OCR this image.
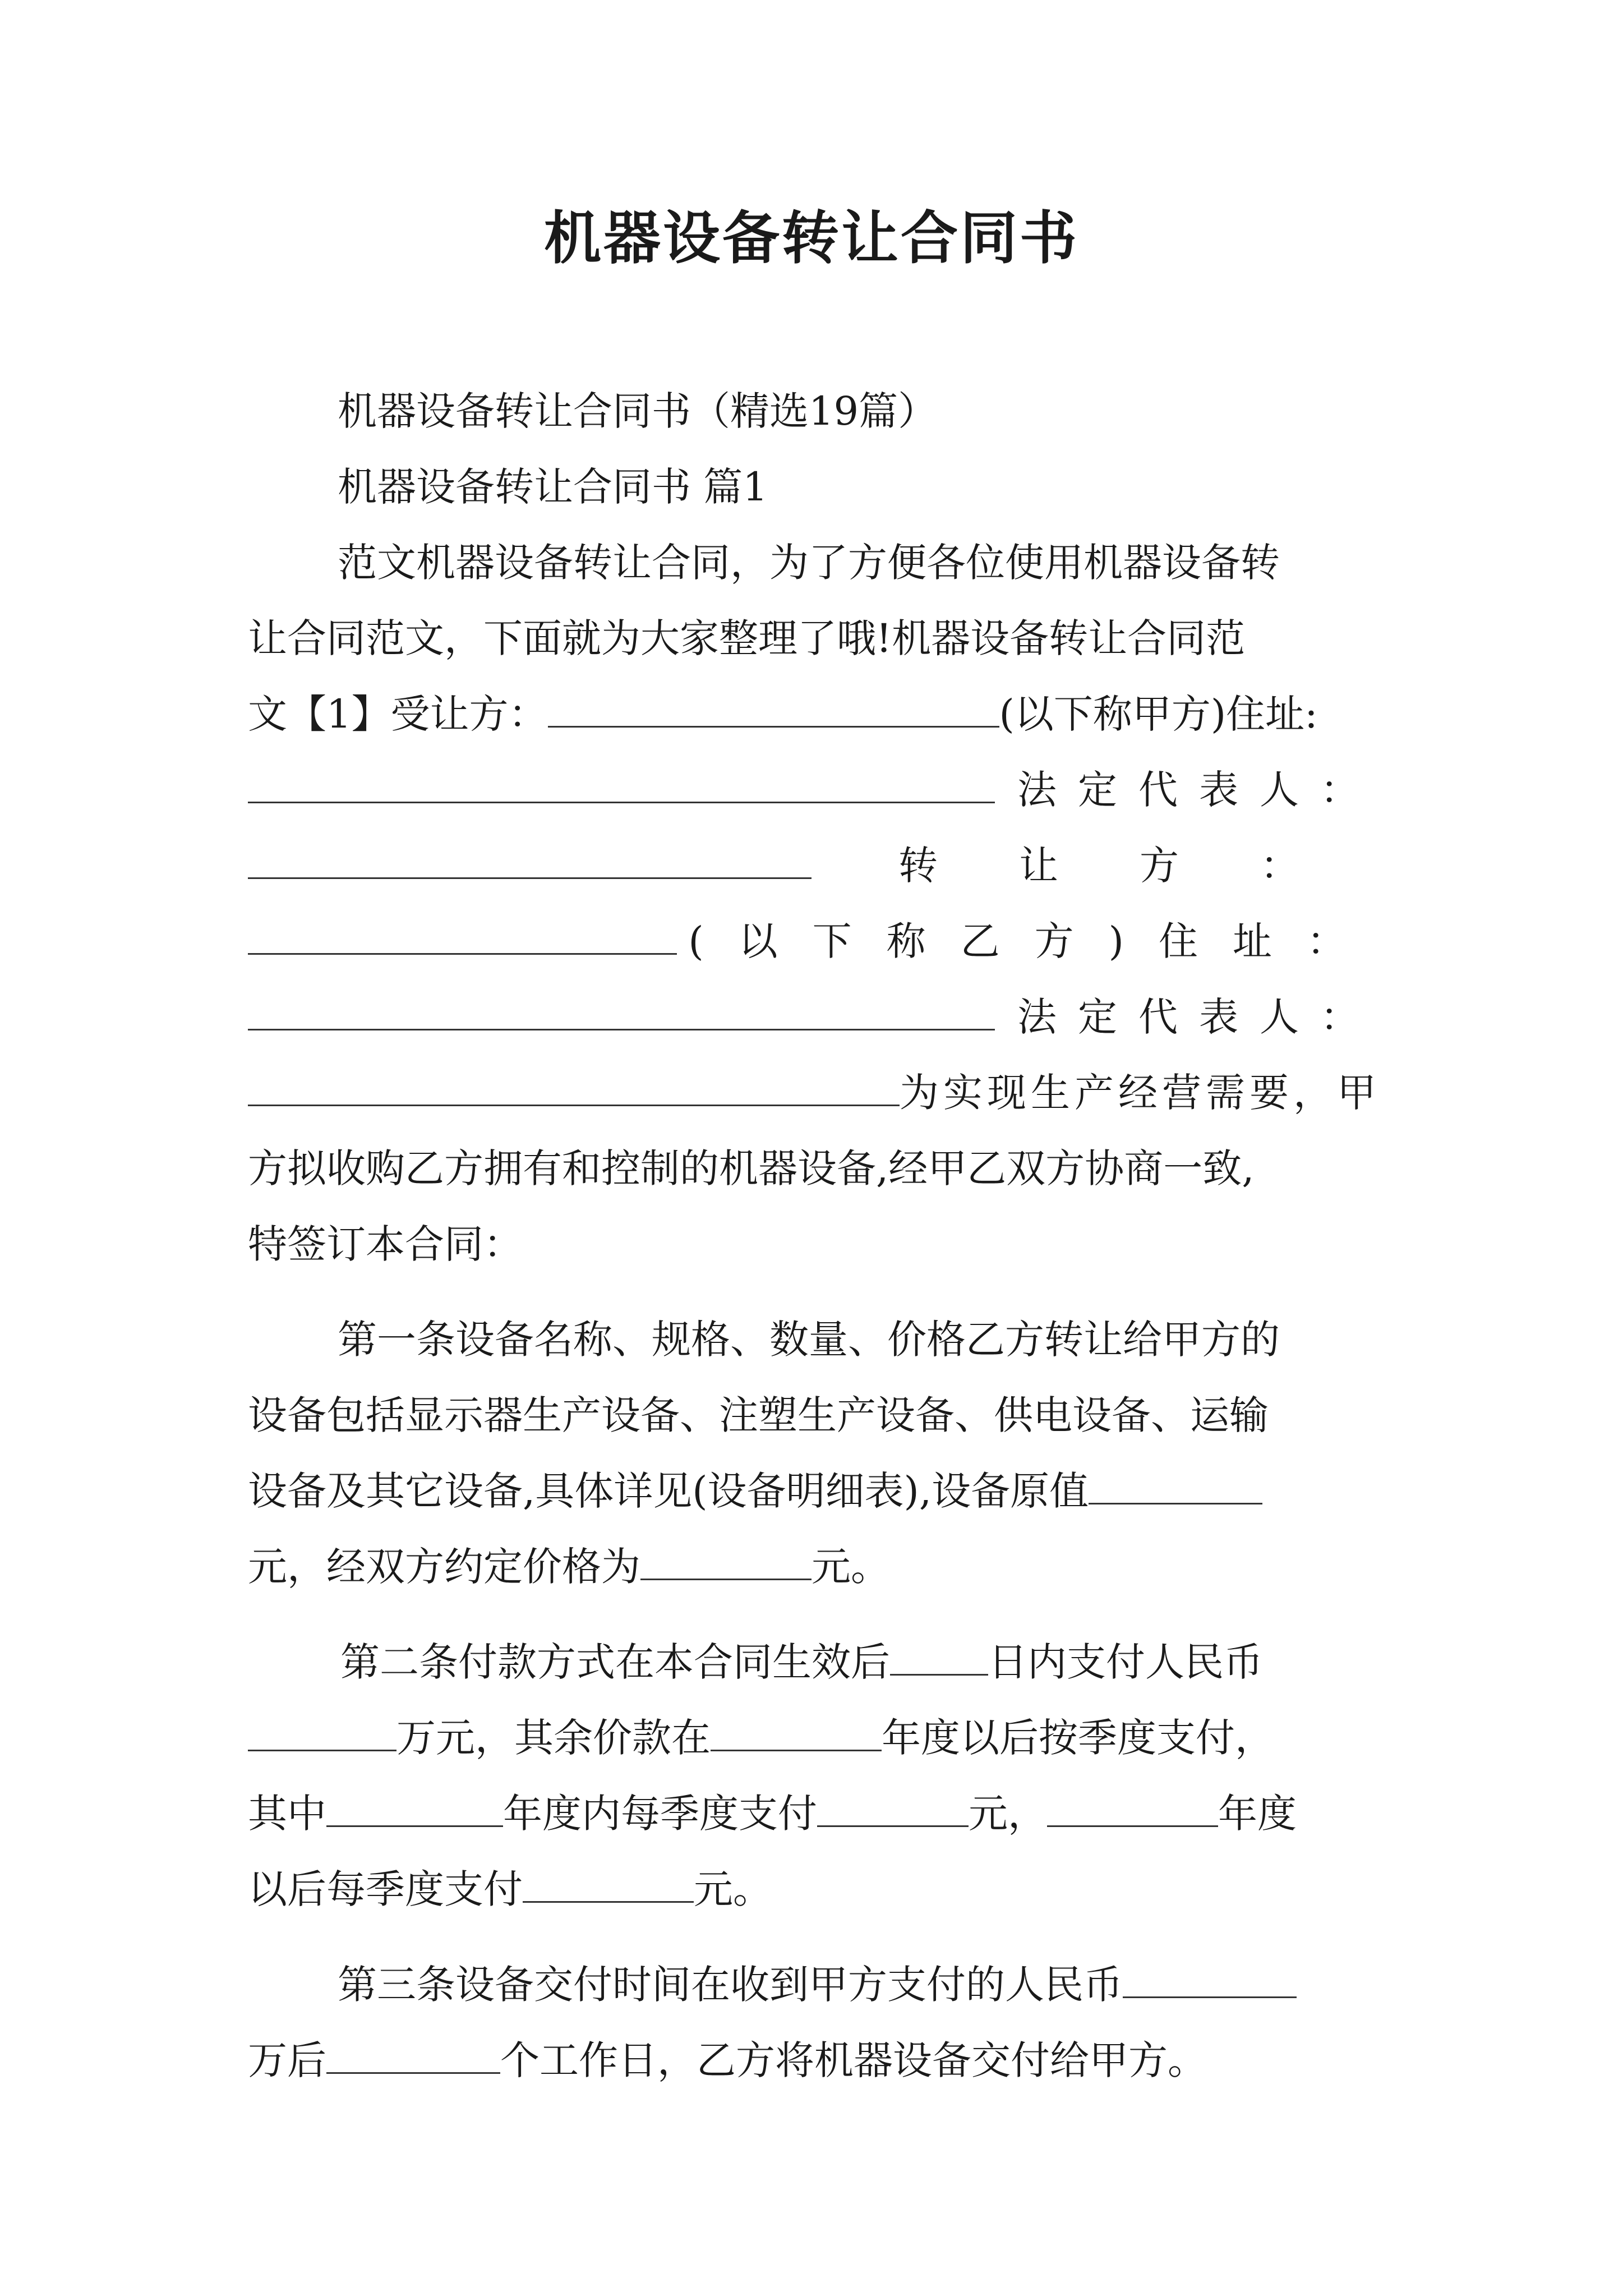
机器设备转让合同书
机器设备转让合同书（精选19篇）
机器设备转让合同书 篇1
范文机器设备转让合同，为了方便各位使用机器设备转
让合同范文，下面就为大家整理了哦!机器设备转让合同范
文【1】受让方：	(以下称甲方)住址:
法定代表人：
转让方：
(以下称乙方)住址：
法定代表人：
为实现生产经营需要，甲
方拟收购乙方拥有和控制的机器设备,经甲乙双方协商一致,
特签订本合同：
第一条设备名称、规格、数量、价格乙方转让给甲方的
设备包括显示器生产设备、注塑生产设备、供电设备、运输
设备及其它设备,具体详见(设备明细表),设备原值
元，经双方约定价格为	元。
第二条付款方式在本合同生效后	日内支付人民币
万元，其余价款在	年度以后按季度支付，
其中	年度内每季度支付	元，	年度
以后每季度支付	元。
第三条设备交付时间在收到甲方支付的人民币
万后	个工作日，乙方将机器设备交付给甲方。
